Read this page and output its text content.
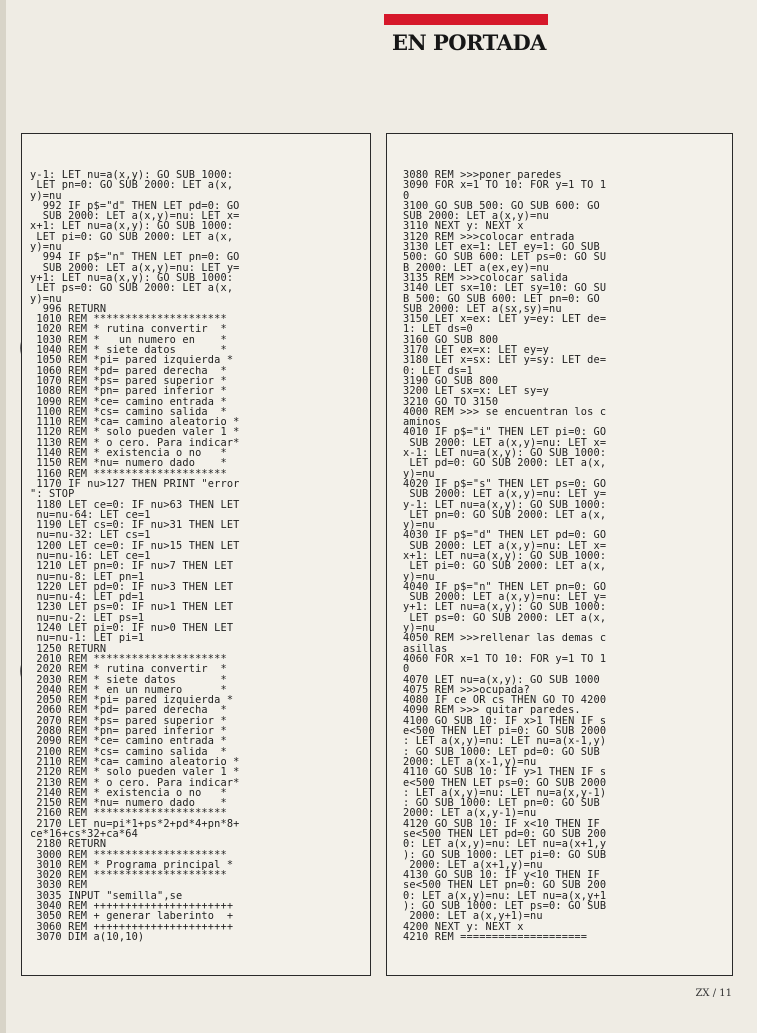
EN PORTADA
y-1: LET nu=a(x,y): GO SUB 1000:
LET pn=0: GO SUB 2000: LET a(x,
y)=nu
992 IF p$="d" THEN LET pd=0: GO
SUB 2000: LET a(x,y)=nu: LET x=
x+1: LET nu=a(x,y): GO SUB 1000:
LET pi=0: GO SUB 2000: LET a(x,
y)=nu
994 IF p$="n" THEN LET pn=0: GO
SUB 2000: LET a(x,y)=nu: LET y=
y+1: LET nu=a(x,y): GO SUB 1000:
LET ps=0: GO SUB 2000: LET a(x,
y)=nu
996 RETURN
1010 REM *********************
1020 REM * rutina convertir  *
1030 REM *   un numero en    *
1040 REM * siete datos       *
1050 REM *pi= pared izquierda *
1060 REM *pd= pared derecha  *
1070 REM *ps= pared superior *
1080 REM *pn= pared inferior *
1090 REM *ce= camino entrada *
1100 REM *cs= camino salida  *
1110 REM *ca= camino aleatorio *
1120 REM * solo pueden valer 1 *
1130 REM * o cero. Para indicar*
1140 REM * existencia o no   *
1150 REM *nu= numero dado    *
1160 REM *********************
1170 IF nu>127 THEN PRINT "error
": STOP
1180 LET ce=0: IF nu>63 THEN LET
nu=nu-64: LET ce=1
1190 LET cs=0: IF nu>31 THEN LET
nu=nu-32: LET cs=1
1200 LET ce=0: IF nu>15 THEN LET
nu=nu-16: LET ce=1
1210 LET pn=0: IF nu>7 THEN LET
nu=nu-8: LET pn=1
1220 LET pd=0: IF nu>3 THEN LET
nu=nu-4: LET pd=1
1230 LET ps=0: IF nu>1 THEN LET
nu=nu-2: LET ps=1
1240 LET pi=0: IF nu>0 THEN LET
nu=nu-1: LET pi=1
1250 RETURN
2010 REM *********************
2020 REM * rutina convertir  *
2030 REM * siete datos       *
2040 REM * en un numero      *
2050 REM *pi= pared izquierda *
2060 REM *pd= pared derecha  *
2070 REM *ps= pared superior *
2080 REM *pn= pared inferior *
2090 REM *ce= camino entrada *
2100 REM *cs= camino salida  *
2110 REM *ca= camino aleatorio *
2120 REM * solo pueden valer 1 *
2130 REM * o cero. Para indicar*
2140 REM * existencia o no   *
2150 REM *nu= numero dado    *
2160 REM *********************
2170 LET nu=pi*1+ps*2+pd*4+pn*8+
ce*16+cs*32+ca*64
2180 RETURN
3000 REM *********************
3010 REM * Programa principal *
3020 REM *********************
3030 REM
3035 INPUT "semilla",se
3040 REM ++++++++++++++++++++++
3050 REM + generar laberinto  +
3060 REM ++++++++++++++++++++++
3070 DIM a(10,10)

3080 REM >>>poner paredes
3090 FOR x=1 TO 10: FOR y=1 TO 1
0
3100 GO SUB 500: GO SUB 600: GO
SUB 2000: LET a(x,y)=nu
3110 NEXT y: NEXT x
3120 REM >>>colocar entrada
3130 LET ex=1: LET ey=1: GO SUB
500: GO SUB 600: LET ps=0: GO SU
B 2000: LET a(ex,ey)=nu
3135 REM >>>colocar salida
3140 LET sx=10: LET sy=10: GO SU
B 500: GO SUB 600: LET pn=0: GO
SUB 2000: LET a(sx,sy)=nu
3150 LET x=ex: LET y=ey: LET de=
1: LET ds=0
3160 GO SUB 800
3170 LET ex=x: LET ey=y
3180 LET x=sx: LET y=sy: LET de=
0: LET ds=1
3190 GO SUB 800
3200 LET sx=x: LET sy=y
3210 GO TO 3150
4000 REM >>> se encuentran los c
aminos
4010 IF p$="i" THEN LET pi=0: GO
SUB 2000: LET a(x,y)=nu: LET x=
x-1: LET nu=a(x,y): GO SUB 1000:
LET pd=0: GO SUB 2000: LET a(x,
y)=nu
4020 IF p$="s" THEN LET ps=0: GO
SUB 2000: LET a(x,y)=nu: LET y=
y-1: LET nu=a(x,y): GO SUB 1000:
LET pn=0: GO SUB 2000: LET a(x,
y)=nu
4030 IF p$="d" THEN LET pd=0: GO
SUB 2000: LET a(x,y)=nu: LET x=
x+1: LET nu=a(x,y): GO SUB 1000:
LET pi=0: GO SUB 2000: LET a(x,
y)=nu
4040 IF p$="n" THEN LET pn=0: GO
SUB 2000: LET a(x,y)=nu: LET y=
y+1: LET nu=a(x,y): GO SUB 1000:
LET ps=0: GO SUB 2000: LET a(x,
y)=nu
4050 REM >>>rellenar las demas c
asillas
4060 FOR x=1 TO 10: FOR y=1 TO 1
0
4070 LET nu=a(x,y): GO SUB 1000
4075 REM >>>ocupada?
4080 IF ce OR cs THEN GO TO 4200
4090 REM >>> quitar paredes.
4100 GO SUB 10: IF x>1 THEN IF s
e<500 THEN LET pi=0: GO SUB 2000
: LET a(x,y)=nu: LET nu=a(x-1,y)
: GO SUB 1000: LET pd=0: GO SUB
2000: LET a(x-1,y)=nu
4110 GO SUB 10: IF y>1 THEN IF s
e<500 THEN LET ps=0: GO SUB 2000
: LET a(x,y)=nu: LET nu=a(x,y-1)
: GO SUB 1000: LET pn=0: GO SUB
2000: LET a(x,y-1)=nu
4120 GO SUB 10: IF x<10 THEN IF
se<500 THEN LET pd=0: GO SUB 200
0: LET a(x,y)=nu: LET nu=a(x+1,y
): GO SUB 1000: LET pi=0: GO SUB
2000: LET a(x+1,y)=nu
4130 GO SUB 10: IF y<10 THEN IF
se<500 THEN LET pn=0: GO SUB 200
0: LET a(x,y)=nu: LET nu=a(x,y+1
): GO SUB 1000: LET ps=0: GO SUB
2000: LET a(x,y+1)=nu
4200 NEXT y: NEXT x
4210 REM ====================

ZX / 11
